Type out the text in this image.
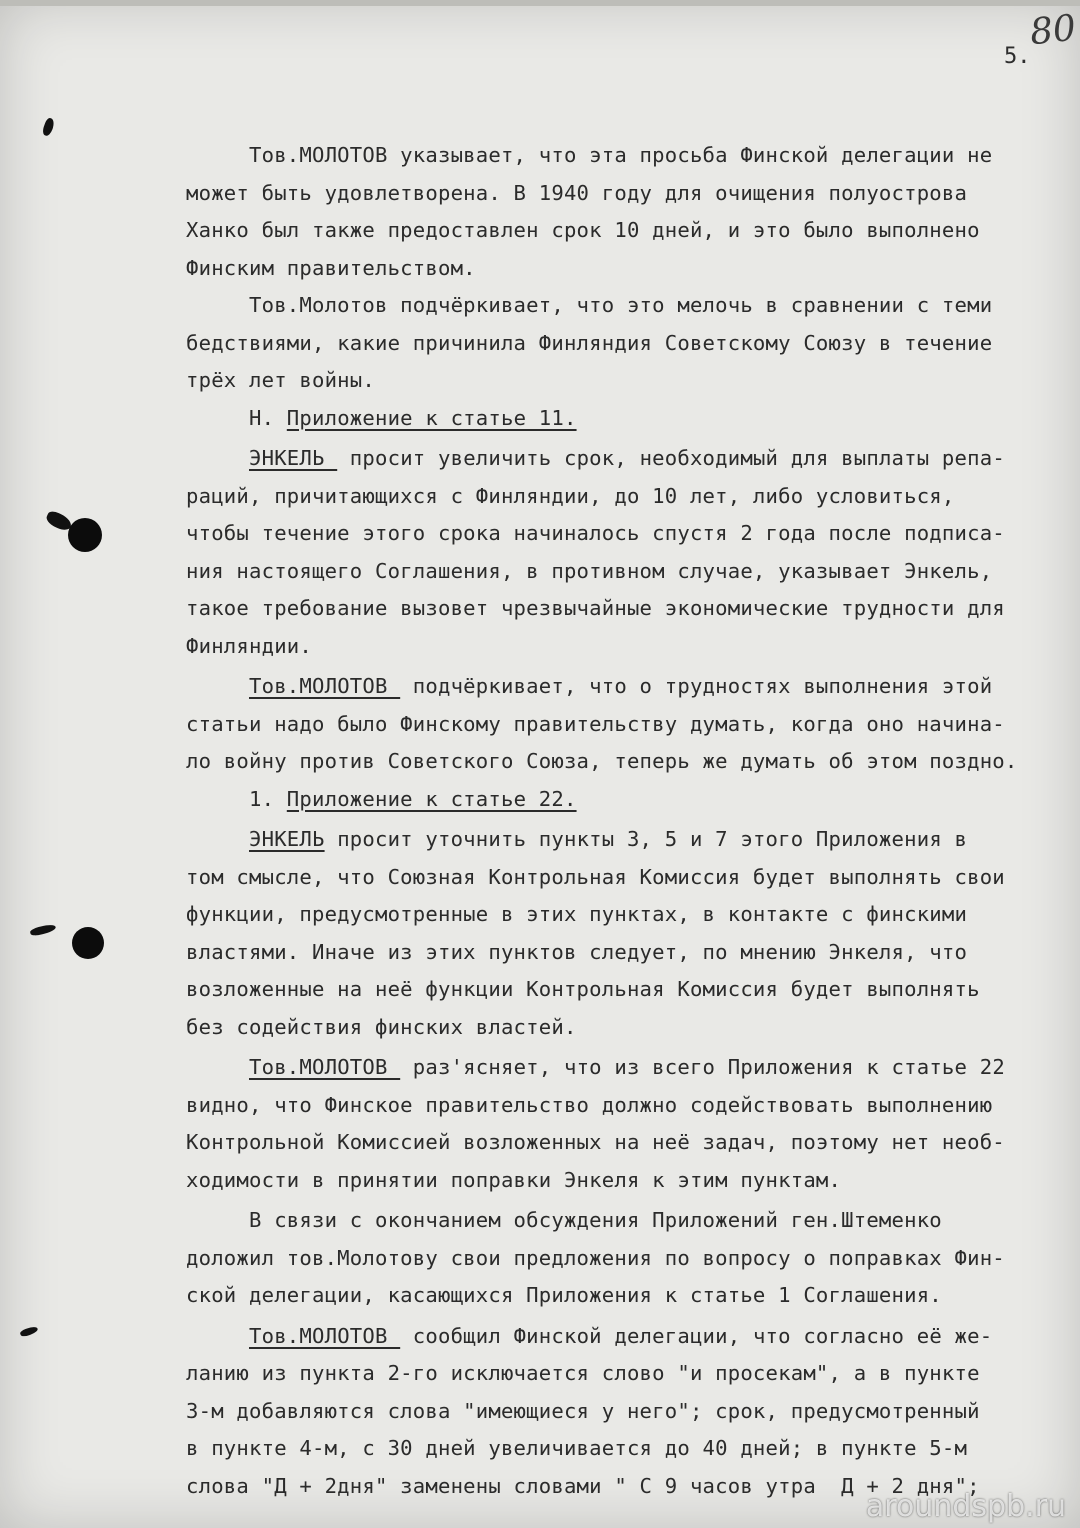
80
5.
Тов.МОЛОТОВ указывает, что эта просьба Финской делегации не
может быть удовлетворена. В 1940 году для очищения полуострова
Ханко был также предоставлен срок 10 дней, и это было выполнено
Финским правительством.
Тов.Молотов подчёркивает, что это мелочь в сравнении с теми
бедствиями, какие причинила Финляндия Советскому Союзу в течение
трёх лет войны.
Н. Приложение к статье 11.
ЭНКЕЛЬ  просит увеличить срок, необходимый для выплаты репа-
раций, причитающихся с Финляндии, до 10 лет, либо условиться,
чтобы течение этого срока начиналось спустя 2 года после подписа-
ния настоящего Соглашения, в противном случае, указывает Энкель,
такое требование вызовет чрезвычайные экономические трудности для
Финляндии.
Тов.МОЛОТОВ  подчёркивает, что о трудностях выполнения этой
статьи надо было Финскому правительству думать, когда оно начина-
ло войну против Советского Союза, теперь же думать об этом поздно.
1. Приложение к статье 22.
ЭНКЕЛЬ просит уточнить пункты 3, 5 и 7 этого Приложения в
том смысле, что Союзная Контрольная Комиссия будет выполнять свои
функции, предусмотренные в этих пунктах, в контакте с финскими
властями. Иначе из этих пунктов следует, по мнению Энкеля, что
возложенные на неё функции Контрольная Комиссия будет выполнять
без содействия финских властей.
Тов.МОЛОТОВ  раз'ясняет, что из всего Приложения к статье 22
видно, что Финское правительство должно содействовать выполнению
Контрольной Комиссией возложенных на неё задач, поэтому нет необ-
ходимости в принятии поправки Энкеля к этим пунктам.
В связи с окончанием обсуждения Приложений ген.Штеменко
доложил тов.Молотову свои предложения по вопросу о поправках Фин-
ской делегации, касающихся Приложения к статье 1 Соглашения.
Тов.МОЛОТОВ  сообщил Финской делегации, что согласно её же-
ланию из пункта 2-го исключается слово "и просекам", а в пункте
3-м добавляются слова "имеющиеся у него"; срок, предусмотренный
в пункте 4-м, с 30 дней увеличивается до 40 дней; в пункте 5-м
слова "Д + 2дня" заменены словами " С 9 часов утра  Д + 2 дня";
aroundspb.ru
